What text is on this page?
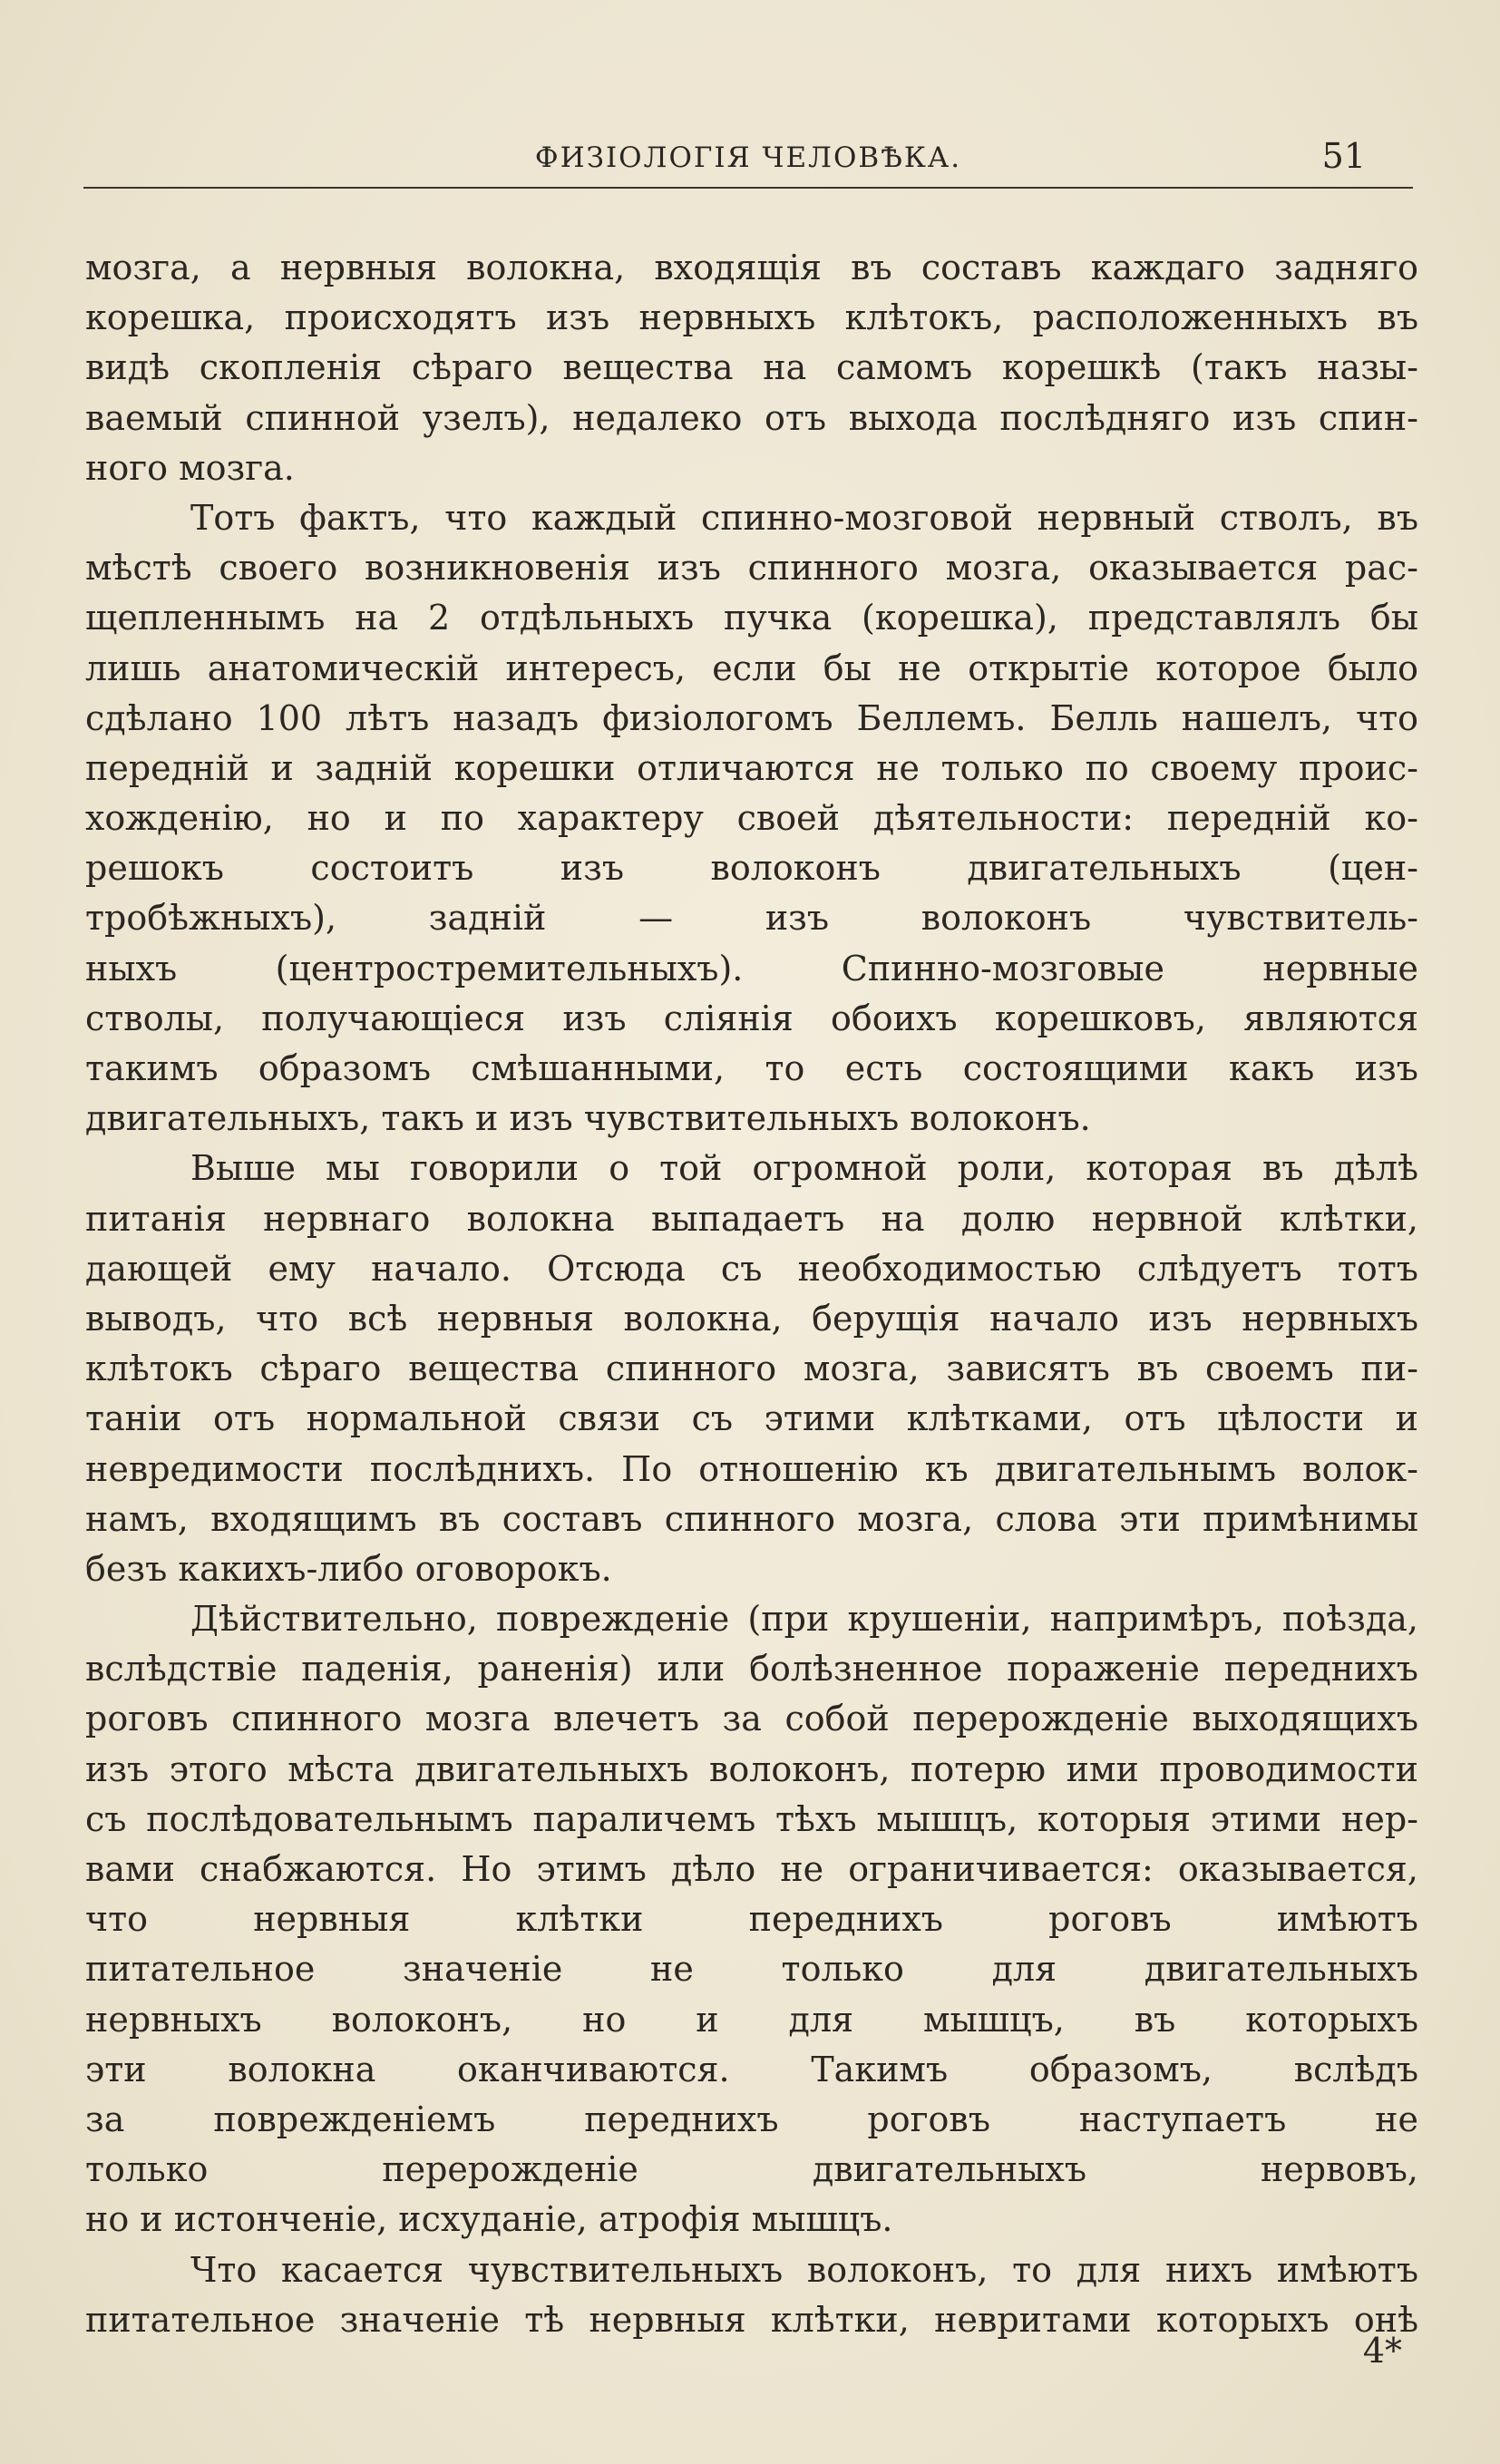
ФИЗIОЛОГIЯ ЧЕЛОВѢКА.	51
мозга, а нервныя волокна, входящiя въ составъ каждаго задняго
корешка, происходятъ изъ нервныхъ клѣтокъ, расположенныхъ въ
видѣ скопленiя сѣраго вещества на самомъ корешкѣ (такъ назы-
ваемый спинной узелъ), недалеко отъ выхода послѣдняго изъ спин-
ного мозга.
Тотъ фактъ, что каждый спинно-мозговой нервный стволъ, въ
мѣстѣ своего возникновенiя изъ спинного мозга, оказывается рас-
щепленнымъ на 2 отдѣльныхъ пучка (корешка), представлялъ бы
лишь анатомическiй интересъ, если бы не открытiе которое было
сдѣлано 100 лѣтъ назадъ физiологомъ Беллемъ. Белль нашелъ, что
переднiй и заднiй корешки отличаются не только по своему проис-
хожденiю, но и по характеру своей дѣятельности: переднiй ко-
решокъ состоитъ изъ волоконъ двигательныхъ (цен-
тробѣжныхъ), заднiй — изъ волоконъ чувствитель-
ныхъ (центростремительныхъ). Спинно-мозговые нервные
стволы, получающiеся изъ слiянiя обоихъ корешковъ, являются
такимъ образомъ смѣшанными, то есть состоящими какъ изъ
двигательныхъ, такъ и изъ чувствительныхъ волоконъ.
Выше мы говорили о той огромной роли, которая въ дѣлѣ
питанiя нервнаго волокна выпадаетъ на долю нервной клѣтки,
дающей ему начало. Отсюда съ необходимостью слѣдуетъ тотъ
выводъ, что всѣ нервныя волокна, берущiя начало изъ нервныхъ
клѣтокъ сѣраго вещества спинного мозга, зависятъ въ своемъ пи-
танiи отъ нормальной связи съ этими клѣтками, отъ цѣлости и
невредимости послѣднихъ. По отношенiю къ двигательнымъ волок-
намъ, входящимъ въ составъ спинного мозга, слова эти примѣнимы
безъ какихъ-либо оговорокъ.
Дѣйствительно, поврежденiе (при крушенiи, напримѣръ, поѣзда,
вслѣдствiе паденiя, раненiя) или болѣзненное пораженiе переднихъ
роговъ спинного мозга влечетъ за собой перерожденiе выходящихъ
изъ этого мѣста двигательныхъ волоконъ, потерю ими проводимости
съ послѣдовательнымъ параличемъ тѣхъ мышцъ, которыя этими нер-
вами снабжаются. Но этимъ дѣло не ограничивается: оказывается,
что нервныя клѣтки переднихъ роговъ имѣютъ
питательное значенiе не только для двигательныхъ
нервныхъ волоконъ, но и для мышцъ, въ которыхъ
эти волокна оканчиваются. Такимъ образомъ, вслѣдъ
за поврежденiемъ переднихъ роговъ наступаетъ не
только перерожденiе двигательныхъ нервовъ,
но и истонченiе, исхуданiе, атрофiя мышцъ.
Что касается чувствительныхъ волоконъ, то для нихъ имѣютъ
питательное значенiе тѣ нервныя клѣтки, невритами которыхъ онѣ
4*
